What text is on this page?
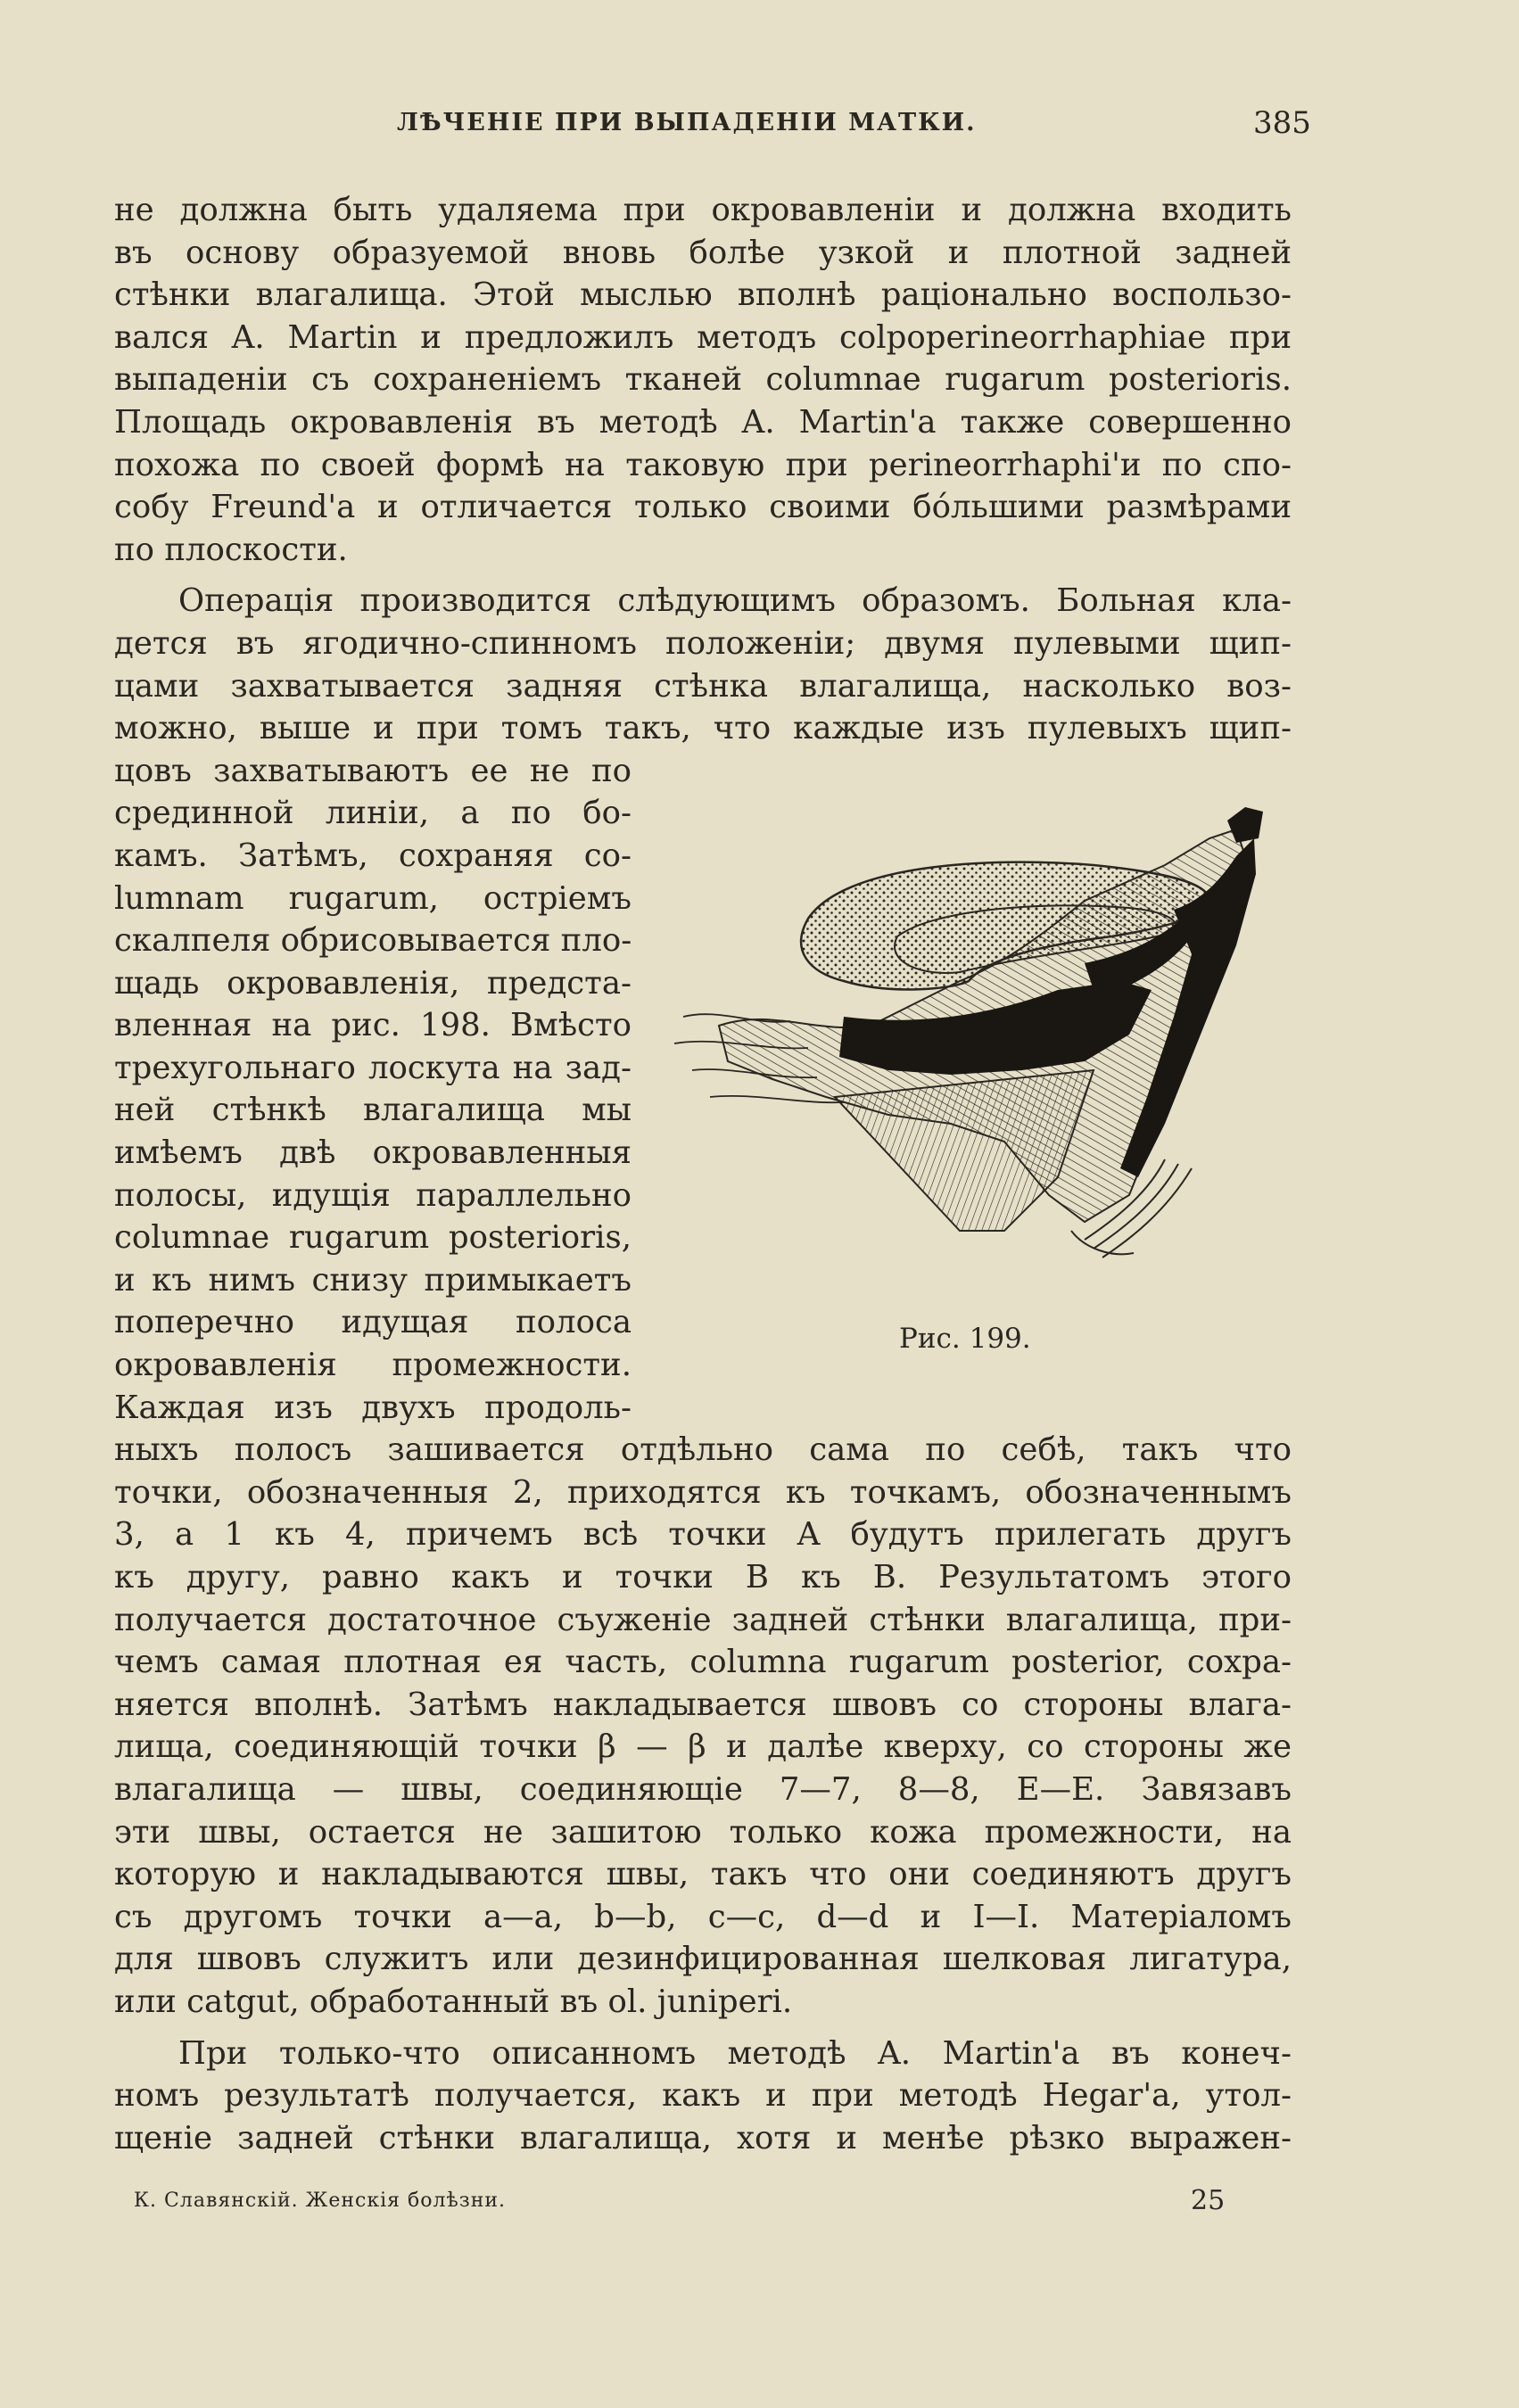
ЛѢЧЕНІЕ ПРИ ВЫПАДЕНІИ МАТКИ.	385

не должна быть удаляема при окровавленіи и должна входить
въ основу образуемой вновь болѣе узкой и плотной задней
стѣнки влагалища. Этой мыслью вполнѣ раціонально воспользо-
вался A. Martin и предложилъ методъ colpoperineorrhaphiae при
выпаденіи съ сохраненіемъ тканей columnae rugarum posterioris.
Площадь окровавленія въ методѣ A. Martin'а также совершенно
похожа по своей формѣ на таковую при perineorrhaphi'и по спо-
собу Freund'а и отличается только своими бо́льшими размѣрами
по плоскости.

Операція производится слѣдующимъ образомъ. Больная кла-
дется въ ягодично-спинномъ положеніи; двумя пулевыми щип-
цами захватывается задняя стѣнка влагалища, насколько воз-
можно, выше и при томъ такъ, что каждые изъ пулевыхъ щип-
цовъ захватываютъ ее не по
срединной линіи, а по бо-
камъ. Затѣмъ, сохраняя co-
lumnam rugarum, остріемъ
скалпеля обрисовывается пло-
щадь окровавленія, предста-
вленная на рис. 198. Вмѣсто
трехугольнаго лоскута на зад-
ней стѣнкѣ влагалища мы
имѣемъ двѣ окровавленныя
полосы, идущія параллельно
columnae rugarum posterioris,
и къ нимъ снизу примыкаетъ
поперечно идущая полоса
окровавленія промежности.
Каждая изъ двухъ продоль-
ныхъ полосъ зашивается отдѣльно сама по себѣ, такъ что
точки, обозначенныя 2, приходятся къ точкамъ, обозначеннымъ
3, а 1 къ 4, причемъ всѣ точки A будутъ прилегать другъ
къ другу, равно какъ и точки B къ B. Результатомъ этого
получается достаточное съуженіе задней стѣнки влагалища, при-
чемъ самая плотная ея часть, columna rugarum posterior, сохра-
няется вполнѣ. Затѣмъ накладывается швовъ со стороны влага-
лища, соединяющій точки β — β и далѣе кверху, со стороны же
влагалища — швы, соединяющіе 7—7, 8—8, E—E. Завязавъ
эти швы, остается не зашитою только кожа промежности, на
которую и накладываются швы, такъ что они соединяютъ другъ
съ другомъ точки a—a, b—b, c—c, d—d и I—I. Матеріаломъ
для швовъ служитъ или дезинфицированная шелковая лигатура,
или catgut, обработанный въ ol. juniperi.

При только-что описанномъ методѣ A. Martin'а въ конеч-
номъ результатѣ получается, какъ и при методѣ Hegar'а, утол-
щеніе задней стѣнки влагалища, хотя и менѣе рѣзко выражен-

Рис. 199.
К. Славянскій. Женскія болѣзни.	25
